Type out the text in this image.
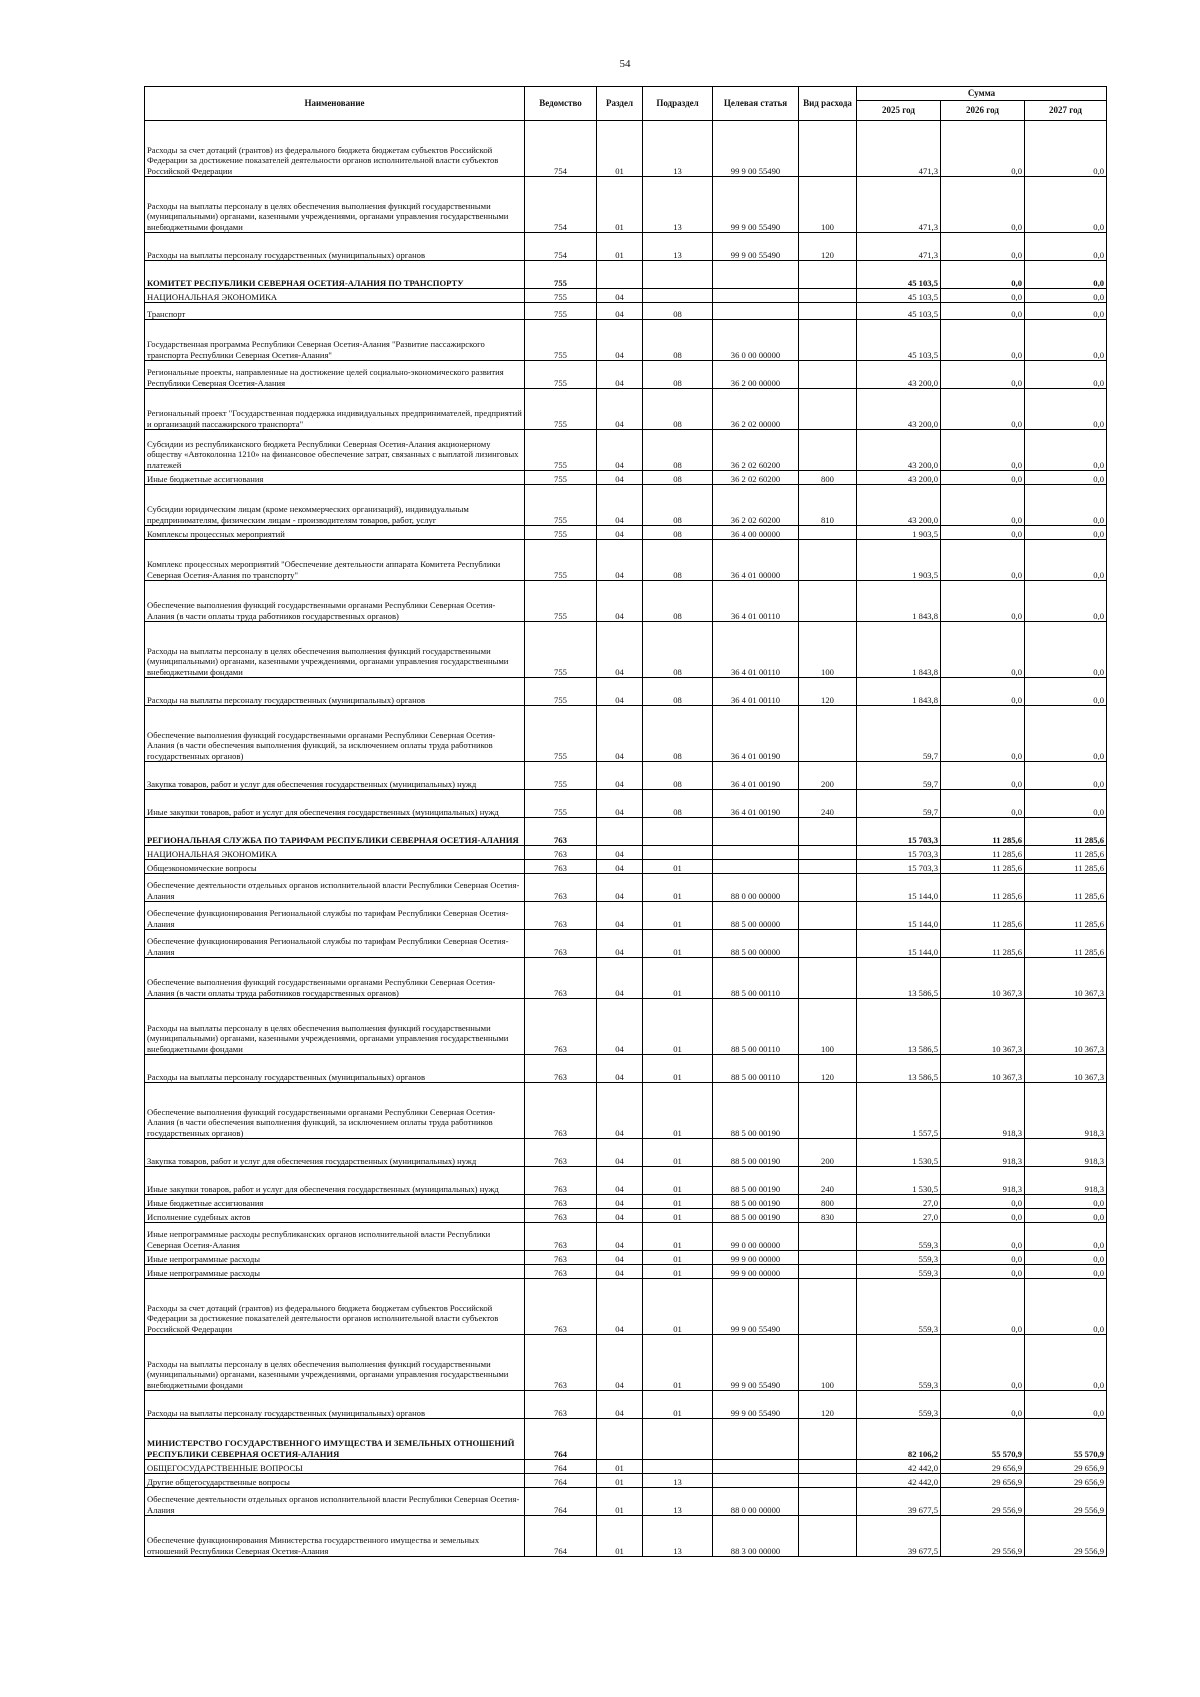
54
Наименование	Ведомство	Раздел	Подраздел	Целевая статья	Вид расхода	Сумма		
						2025 год	2026 год	2027 год
Расходы за счет дотаций (грантов) из федерального бюджета бюджетам субъектов Российской Федерации за достижение показателей деятельности органов исполнительной власти субъектов Российской Федерации	754	01	13	99 9 00 55490		471,3	0,0	0,0
Расходы на выплаты персоналу в целях обеспечения выполнения функций государственными (муниципальными) органами, казенными учреждениями, органами управления государственными внебюджетными фондами	754	01	13	99 9 00 55490	100	471,3	0,0	0,0
Расходы на выплаты персоналу государственных (муниципальных) органов	754	01	13	99 9 00 55490	120	471,3	0,0	0,0
КОМИТЕТ РЕСПУБЛИКИ СЕВЕРНАЯ ОСЕТИЯ-АЛАНИЯ ПО ТРАНСПОРТУ	755					45 103,5	0,0	0,0
НАЦИОНАЛЬНАЯ ЭКОНОМИКА	755	04				45 103,5	0,0	0,0
Транспорт	755	04	08			45 103,5	0,0	0,0
Государственная программа Республики Северная Осетия-Алания "Развитие пассажирского транспорта Республики Северная Осетия-Алания"	755	04	08	36 0 00 00000		45 103,5	0,0	0,0
Региональные проекты, направленные на достижение целей социально-экономического развития Республики Северная Осетия-Алания	755	04	08	36 2 00 00000		43 200,0	0,0	0,0
Региональный проект "Государственная поддержка индивидуальных предпринимателей, предприятий и организаций пассажирского транспорта"	755	04	08	36 2 02 00000		43 200,0	0,0	0,0
Субсидии из республиканского бюджета Республики Северная Осетия-Алания акционерному обществу «Автоколонна 1210» на финансовое обеспечение затрат, связанных с выплатой лизинговых платежей	755	04	08	36 2 02 60200		43 200,0	0,0	0,0
Иные бюджетные ассигнования	755	04	08	36 2 02 60200	800	43 200,0	0,0	0,0
Субсидии юридическим лицам (кроме некоммерческих организаций), индивидуальным предпринимателям, физическим лицам - производителям товаров, работ, услуг	755	04	08	36 2 02 60200	810	43 200,0	0,0	0,0
Комплексы процессных мероприятий	755	04	08	36 4 00 00000		1 903,5	0,0	0,0
Комплекс процессных мероприятий "Обеспечение деятельности аппарата Комитета Республики Северная Осетия-Алания по транспорту"	755	04	08	36 4 01 00000		1 903,5	0,0	0,0
Обеспечение выполнения функций государственными органами Республики Северная Осетия-Алания (в части оплаты труда работников государственных органов)	755	04	08	36 4 01 00110		1 843,8	0,0	0,0
Расходы на выплаты персоналу в целях обеспечения выполнения функций государственными (муниципальными) органами, казенными учреждениями, органами управления государственными внебюджетными фондами	755	04	08	36 4 01 00110	100	1 843,8	0,0	0,0
Расходы на выплаты персоналу государственных (муниципальных) органов	755	04	08	36 4 01 00110	120	1 843,8	0,0	0,0
Обеспечение выполнения функций государственными органами Республики Северная Осетия-Алания (в части обеспечения выполнения функций, за исключением оплаты труда работников государственных органов)	755	04	08	36 4 01 00190		59,7	0,0	0,0
Закупка товаров, работ и услуг для обеспечения государственных (муниципальных) нужд	755	04	08	36 4 01 00190	200	59,7	0,0	0,0
Иные закупки товаров, работ и услуг для обеспечения государственных (муниципальных) нужд	755	04	08	36 4 01 00190	240	59,7	0,0	0,0
РЕГИОНАЛЬНАЯ СЛУЖБА ПО ТАРИФАМ РЕСПУБЛИКИ СЕВЕРНАЯ ОСЕТИЯ-АЛАНИЯ	763					15 703,3	11 285,6	11 285,6
НАЦИОНАЛЬНАЯ ЭКОНОМИКА	763	04				15 703,3	11 285,6	11 285,6
Общеэкономические вопросы	763	04	01			15 703,3	11 285,6	11 285,6
Обеспечение деятельности отдельных органов исполнительной власти Республики Северная Осетия-Алания	763	04	01	88 0 00 00000		15 144,0	11 285,6	11 285,6
Обеспечение функционирования Региональной службы по тарифам Республики Северная Осетия-Алания	763	04	01	88 5 00 00000		15 144,0	11 285,6	11 285,6
Обеспечение функционирования Региональной службы по тарифам Республики Северная Осетия-Алания	763	04	01	88 5 00 00000		15 144,0	11 285,6	11 285,6
Обеспечение выполнения функций государственными органами Республики Северная Осетия-Алания (в части оплаты труда работников государственных органов)	763	04	01	88 5 00 00110		13 586,5	10 367,3	10 367,3
Расходы на выплаты персоналу в целях обеспечения выполнения функций государственными (муниципальными) органами, казенными учреждениями, органами управления государственными внебюджетными фондами	763	04	01	88 5 00 00110	100	13 586,5	10 367,3	10 367,3
Расходы на выплаты персоналу государственных (муниципальных) органов	763	04	01	88 5 00 00110	120	13 586,5	10 367,3	10 367,3
Обеспечение выполнения функций государственными органами Республики Северная Осетия-Алания (в части обеспечения выполнения функций, за исключением оплаты труда работников государственных органов)	763	04	01	88 5 00 00190		1 557,5	918,3	918,3
Закупка товаров, работ и услуг для обеспечения государственных (муниципальных) нужд	763	04	01	88 5 00 00190	200	1 530,5	918,3	918,3
Иные закупки товаров, работ и услуг для обеспечения государственных (муниципальных) нужд	763	04	01	88 5 00 00190	240	1 530,5	918,3	918,3
Иные бюджетные ассигнования	763	04	01	88 5 00 00190	800	27,0	0,0	0,0
Исполнение судебных актов	763	04	01	88 5 00 00190	830	27,0	0,0	0,0
Иные непрограммные расходы республиканских органов исполнительной власти Республики Северная Осетия-Алания	763	04	01	99 0 00 00000		559,3	0,0	0,0
Иные непрограммные расходы	763	04	01	99 9 00 00000		559,3	0,0	0,0
Иные непрограммные расходы	763	04	01	99 9 00 00000		559,3	0,0	0,0
Расходы за счет дотаций (грантов) из федерального бюджета бюджетам субъектов Российской Федерации за достижение показателей деятельности органов исполнительной власти субъектов Российской Федерации	763	04	01	99 9 00 55490		559,3	0,0	0,0
Расходы на выплаты персоналу в целях обеспечения выполнения функций государственными (муниципальными) органами, казенными учреждениями, органами управления государственными внебюджетными фондами	763	04	01	99 9 00 55490	100	559,3	0,0	0,0
Расходы на выплаты персоналу государственных (муниципальных) органов	763	04	01	99 9 00 55490	120	559,3	0,0	0,0
МИНИСТЕРСТВО ГОСУДАРСТВЕННОГО ИМУЩЕСТВА И ЗЕМЕЛЬНЫХ ОТНОШЕНИЙ РЕСПУБЛИКИ СЕВЕРНАЯ ОСЕТИЯ-АЛАНИЯ	764					82 106,2	55 570,9	55 570,9
ОБЩЕГОСУДАРСТВЕННЫЕ ВОПРОСЫ	764	01				42 442,0	29 656,9	29 656,9
Другие общегосударственные вопросы	764	01	13			42 442,0	29 656,9	29 656,9
Обеспечение деятельности отдельных органов исполнительной власти Республики Северная Осетия-Алания	764	01	13	88 0 00 00000		39 677,5	29 556,9	29 556,9
Обеспечение функционирования Министерства государственного имущества и земельных отношений Республики Северная Осетия-Алания	764	01	13	88 3 00 00000		39 677,5	29 556,9	29 556,9
